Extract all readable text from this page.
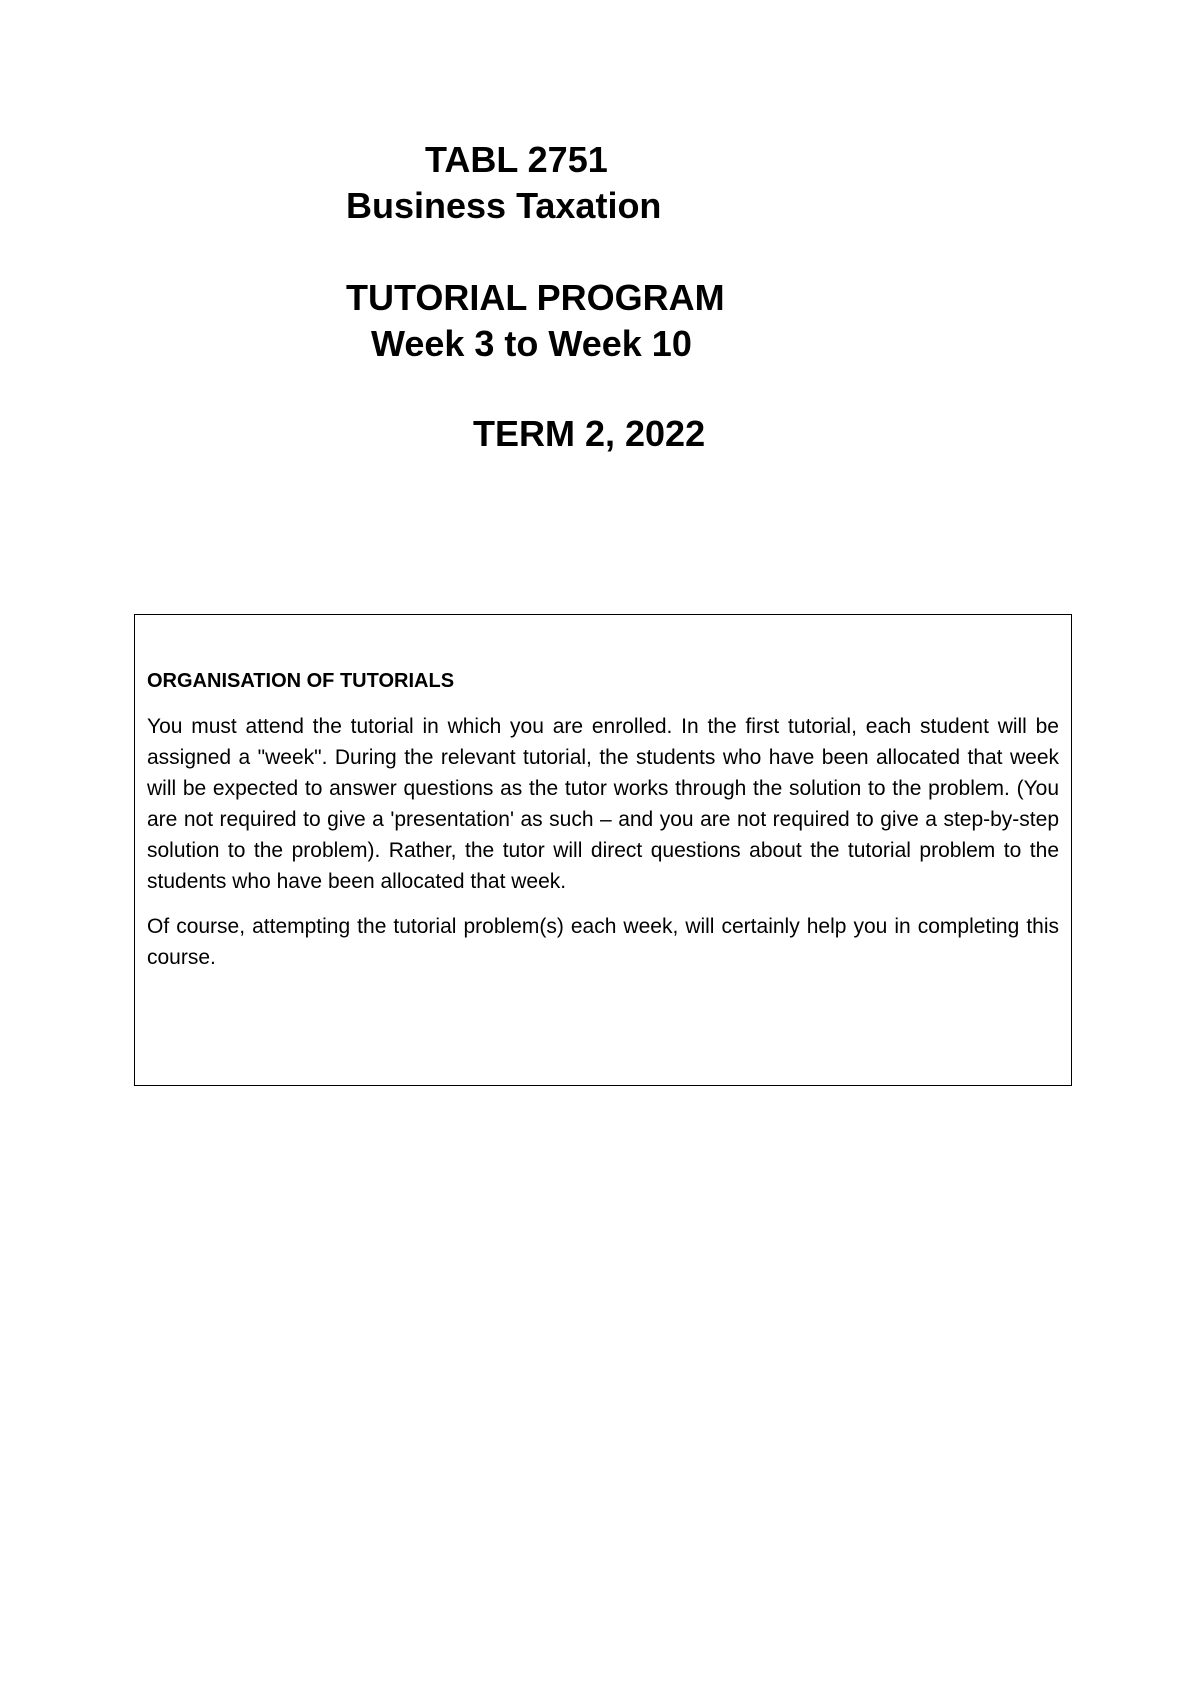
TABL 2751
Business Taxation
TUTORIAL PROGRAM
Week 3 to Week 10
TERM 2, 2022

ORGANISATION OF TUTORIALS

You must attend the tutorial in which you are enrolled. In the first tutorial, each student will be assigned a "week". During the relevant tutorial, the students who have been allocated that week will be expected to answer questions as the tutor works through the solution to the problem. (You are not required to give a 'presentation' as such – and you are not required to give a step-by-step solution to the problem). Rather, the tutor will direct questions about the tutorial problem to the students who have been allocated that week.

Of course, attempting the tutorial problem(s) each week, will certainly help you in completing this course.
